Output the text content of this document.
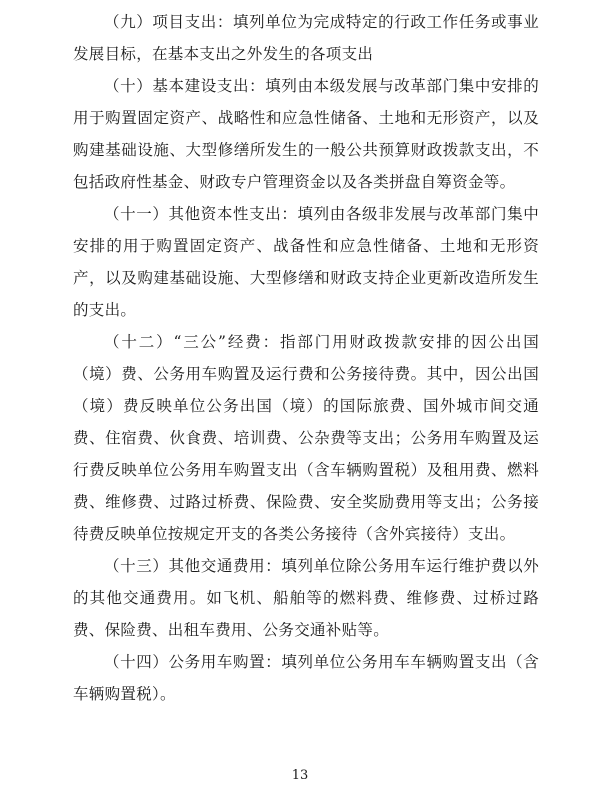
（九）项目支出：填列单位为完成特定的行政工作任务或事业发展目标，在基本支出之外发生的各项支出

（十）基本建设支出：填列由本级发展与改革部门集中安排的用于购置固定资产、战略性和应急性储备、土地和无形资产，以及购建基础设施、大型修缮所发生的一般公共预算财政拨款支出，不包括政府性基金、财政专户管理资金以及各类拼盘自筹资金等。

（十一）其他资本性支出：填列由各级非发展与改革部门集中安排的用于购置固定资产、战备性和应急性储备、土地和无形资产，以及购建基础设施、大型修缮和财政支持企业更新改造所发生的支出。

（十二）“三公”经费：指部门用财政拨款安排的因公出国（境）费、公务用车购置及运行费和公务接待费。其中，因公出国（境）费反映单位公务出国（境）的国际旅费、国外城市间交通费、住宿费、伙食费、培训费、公杂费等支出；公务用车购置及运行费反映单位公务用车购置支出（含车辆购置税）及租用费、燃料费、维修费、过路过桥费、保险费、安全奖励费用等支出；公务接待费反映单位按规定开支的各类公务接待（含外宾接待）支出。

（十三）其他交通费用：填列单位除公务用车运行维护费以外的其他交通费用。如飞机、船舶等的燃料费、维修费、过桥过路费、保险费、出租车费用、公务交通补贴等。

（十四）公务用车购置：填列单位公务用车车辆购置支出（含车辆购置税）。

13
